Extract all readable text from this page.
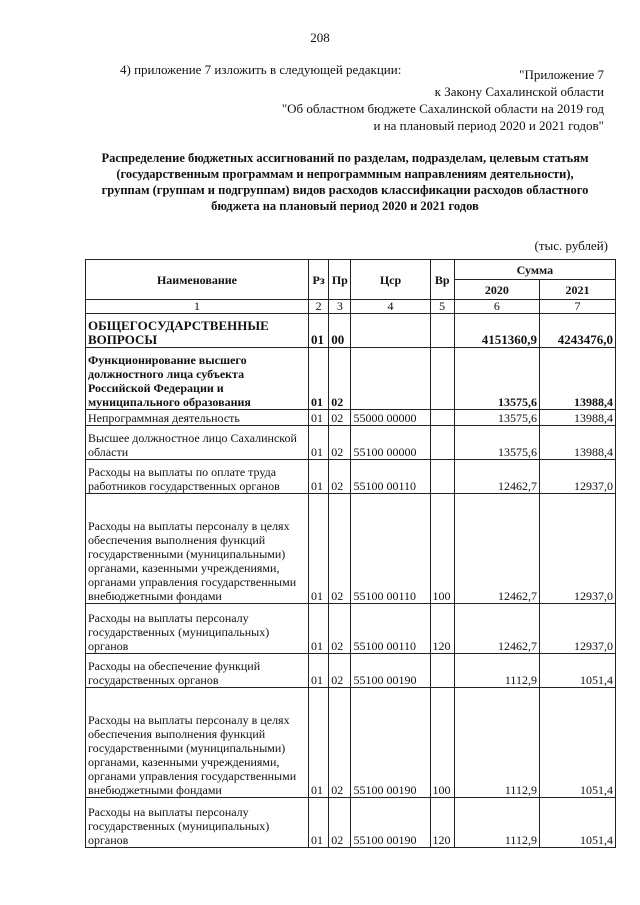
208
4) приложение 7 изложить в следующей редакции:	"Приложение 7
к Закону Сахалинской области
"Об областном бюджете Сахалинской области на 2019 год
и на плановый период 2020 и 2021 годов"
Распределение бюджетных ассигнований по разделам, подразделам, целевым статьям
(государственным программам и непрограммным направлениям деятельности),
группам (группам и подгруппам) видов расходов классификации расходов областного
бюджета на плановый период 2020 и 2021 годов
(тыс. рублей)
Наименование	Рз	Пр	Цср	Вр	Сумма	
					2020	2021
1	2	3	4	5	6	7
ОБЩЕГОСУДАРСТВЕННЫЕ ВОПРОСЫ	01	00			4151360,9	4243476,0
Функционирование высшего должностного лица субъекта Российской Федерации и муниципального образования	01	02			13575,6	13988,4
Непрограммная деятельность	01	02	55000 00000		13575,6	13988,4
Высшее должностное лицо Сахалинской области	01	02	55100 00000		13575,6	13988,4
Расходы на выплаты по оплате труда работников государственных органов	01	02	55100 00110		12462,7	12937,0
Расходы на выплаты персоналу в целях обеспечения выполнения функций государственными (муниципальными) органами, казенными учреждениями, органами управления государственными внебюджетными фондами	01	02	55100 00110	100	12462,7	12937,0
Расходы на выплаты персоналу государственных (муниципальных) органов	01	02	55100 00110	120	12462,7	12937,0
Расходы на обеспечение функций государственных органов	01	02	55100 00190		1112,9	1051,4
Расходы на выплаты персоналу в целях обеспечения выполнения функций государственными (муниципальными) органами, казенными учреждениями, органами управления государственными внебюджетными фондами	01	02	55100 00190	100	1112,9	1051,4
Расходы на выплаты персоналу государственных (муниципальных) органов	01	02	55100 00190	120	1112,9	1051,4
